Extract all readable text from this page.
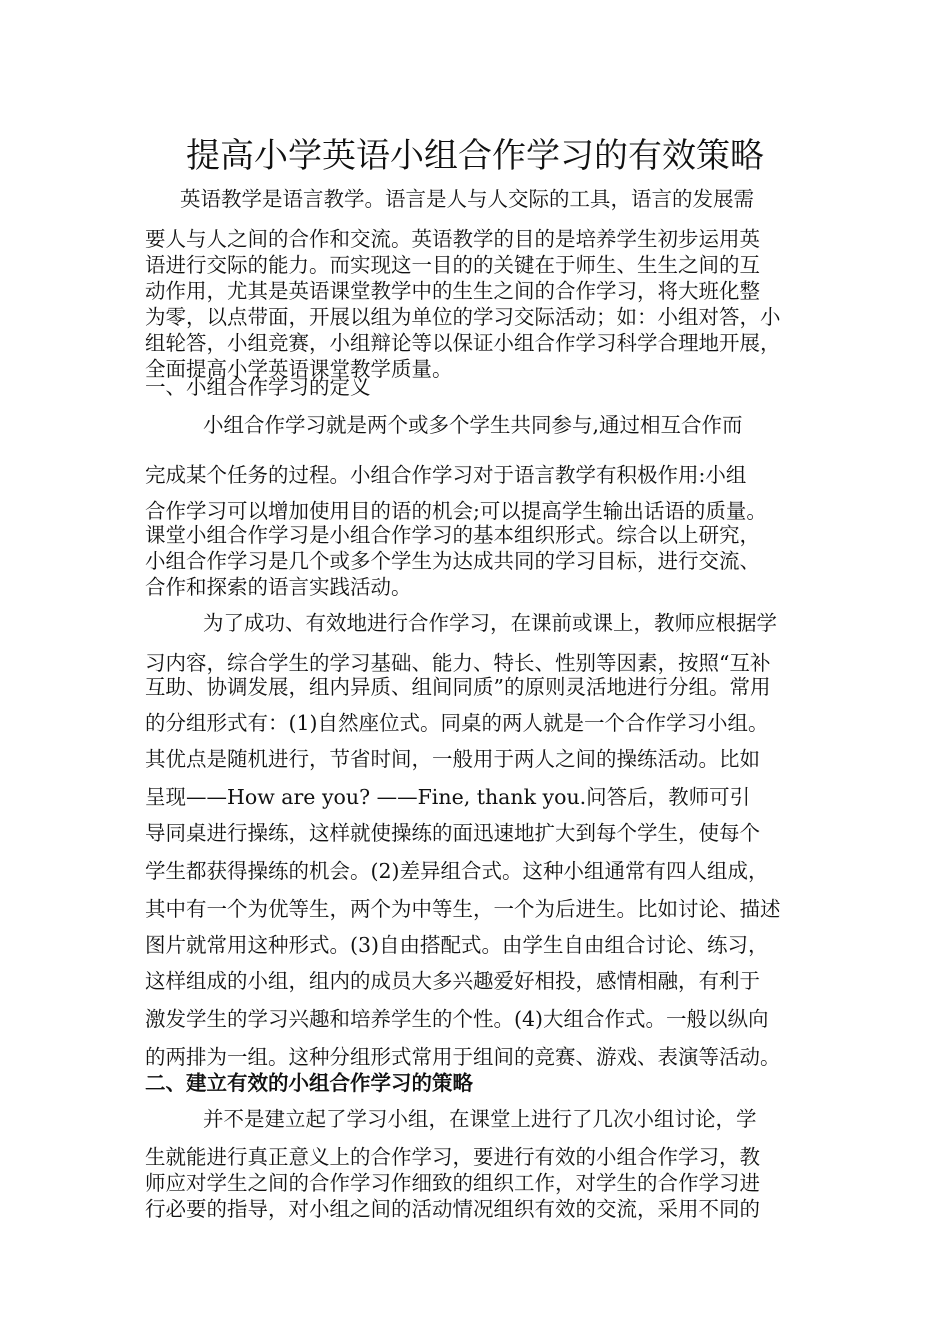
提高小学英语小组合作学习的有效策略
英语教学是语言教学。语言是人与人交际的工具，语言的发展需
要人与人之间的合作和交流。英语教学的目的是培养学生初步运用英
语进行交际的能力。而实现这一目的的关键在于师生、生生之间的互
动作用，尤其是英语课堂教学中的生生之间的合作学习，将大班化整
为零，以点带面，开展以组为单位的学习交际活动；如：小组对答，小
组轮答，小组竞赛，小组辩论等以保证小组合作学习科学合理地开展，
全面提高小学英语课堂教学质量。
一、小组合作学习的定义
小组合作学习就是两个或多个学生共同参与,通过相互合作而
完成某个任务的过程。小组合作学习对于语言教学有积极作用:小组
合作学习可以增加使用目的语的机会;可以提高学生输出话语的质量。
课堂小组合作学习是小组合作学习的基本组织形式。综合以上研究，
小组合作学习是几个或多个学生为达成共同的学习目标，进行交流、
合作和探索的语言实践活动。
为了成功、有效地进行合作学习，在课前或课上，教师应根据学
习内容，综合学生的学习基础、能力、特长、性别等因素，按照“互补
互助、协调发展，组内异质、组间同质”的原则灵活地进行分组。常用
的分组形式有：(1)自然座位式。同桌的两人就是一个合作学习小组。
其优点是随机进行，节省时间，一般用于两人之间的操练活动。比如
呈现——How are you? ——Fine, thank you.问答后，教师可引
导同桌进行操练，这样就使操练的面迅速地扩大到每个学生，使每个
学生都获得操练的机会。(2)差异组合式。这种小组通常有四人组成，
其中有一个为优等生，两个为中等生，一个为后进生。比如讨论、描述
图片就常用这种形式。(3)自由搭配式。由学生自由组合讨论、练习，
这样组成的小组，组内的成员大多兴趣爱好相投，感情相融，有利于
激发学生的学习兴趣和培养学生的个性。(4)大组合作式。一般以纵向
的两排为一组。这种分组形式常用于组间的竞赛、游戏、表演等活动。
二、建立有效的小组合作学习的策略
并不是建立起了学习小组，在课堂上进行了几次小组讨论，学
生就能进行真正意义上的合作学习，要进行有效的小组合作学习，教
师应对学生之间的合作学习作细致的组织工作，对学生的合作学习进
行必要的指导，对小组之间的活动情况组织有效的交流，采用不同的
